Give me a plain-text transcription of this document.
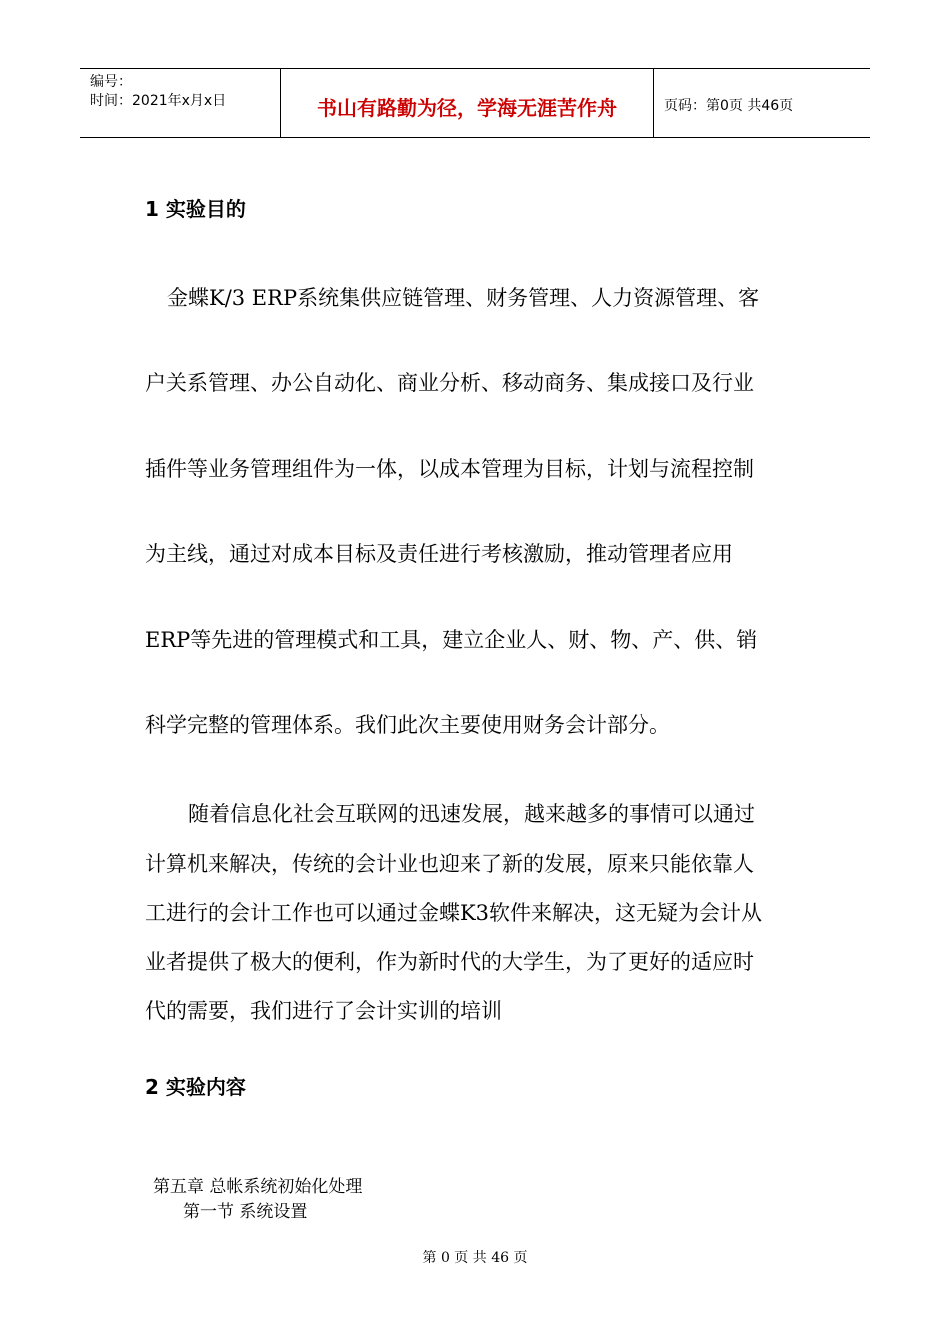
编号：
时间：2021年x月x日	书山有路勤为径，学海无涯苦作舟	页码：第0页 共46页
1 实验目的
金蝶K/3 ERP系统集供应链管理、财务管理、人力资源管理、客
户关系管理、办公自动化、商业分析、移动商务、集成接口及行业
插件等业务管理组件为一体，以成本管理为目标，计划与流程控制
为主线，通过对成本目标及责任进行考核激励，推动管理者应用
ERP等先进的管理模式和工具，建立企业人、财、物、产、供、销
科学完整的管理体系。我们此次主要使用财务会计部分。
随着信息化社会互联网的迅速发展，越来越多的事情可以通过
计算机来解决，传统的会计业也迎来了新的发展，原来只能依靠人
工进行的会计工作也可以通过金蝶K3软件来解决，这无疑为会计从
业者提供了极大的便利，作为新时代的大学生，为了更好的适应时
代的需要，我们进行了会计实训的培训
2 实验内容
第五章 总帐系统初始化处理
第一节 系统设置
第 0 页 共 46 页
